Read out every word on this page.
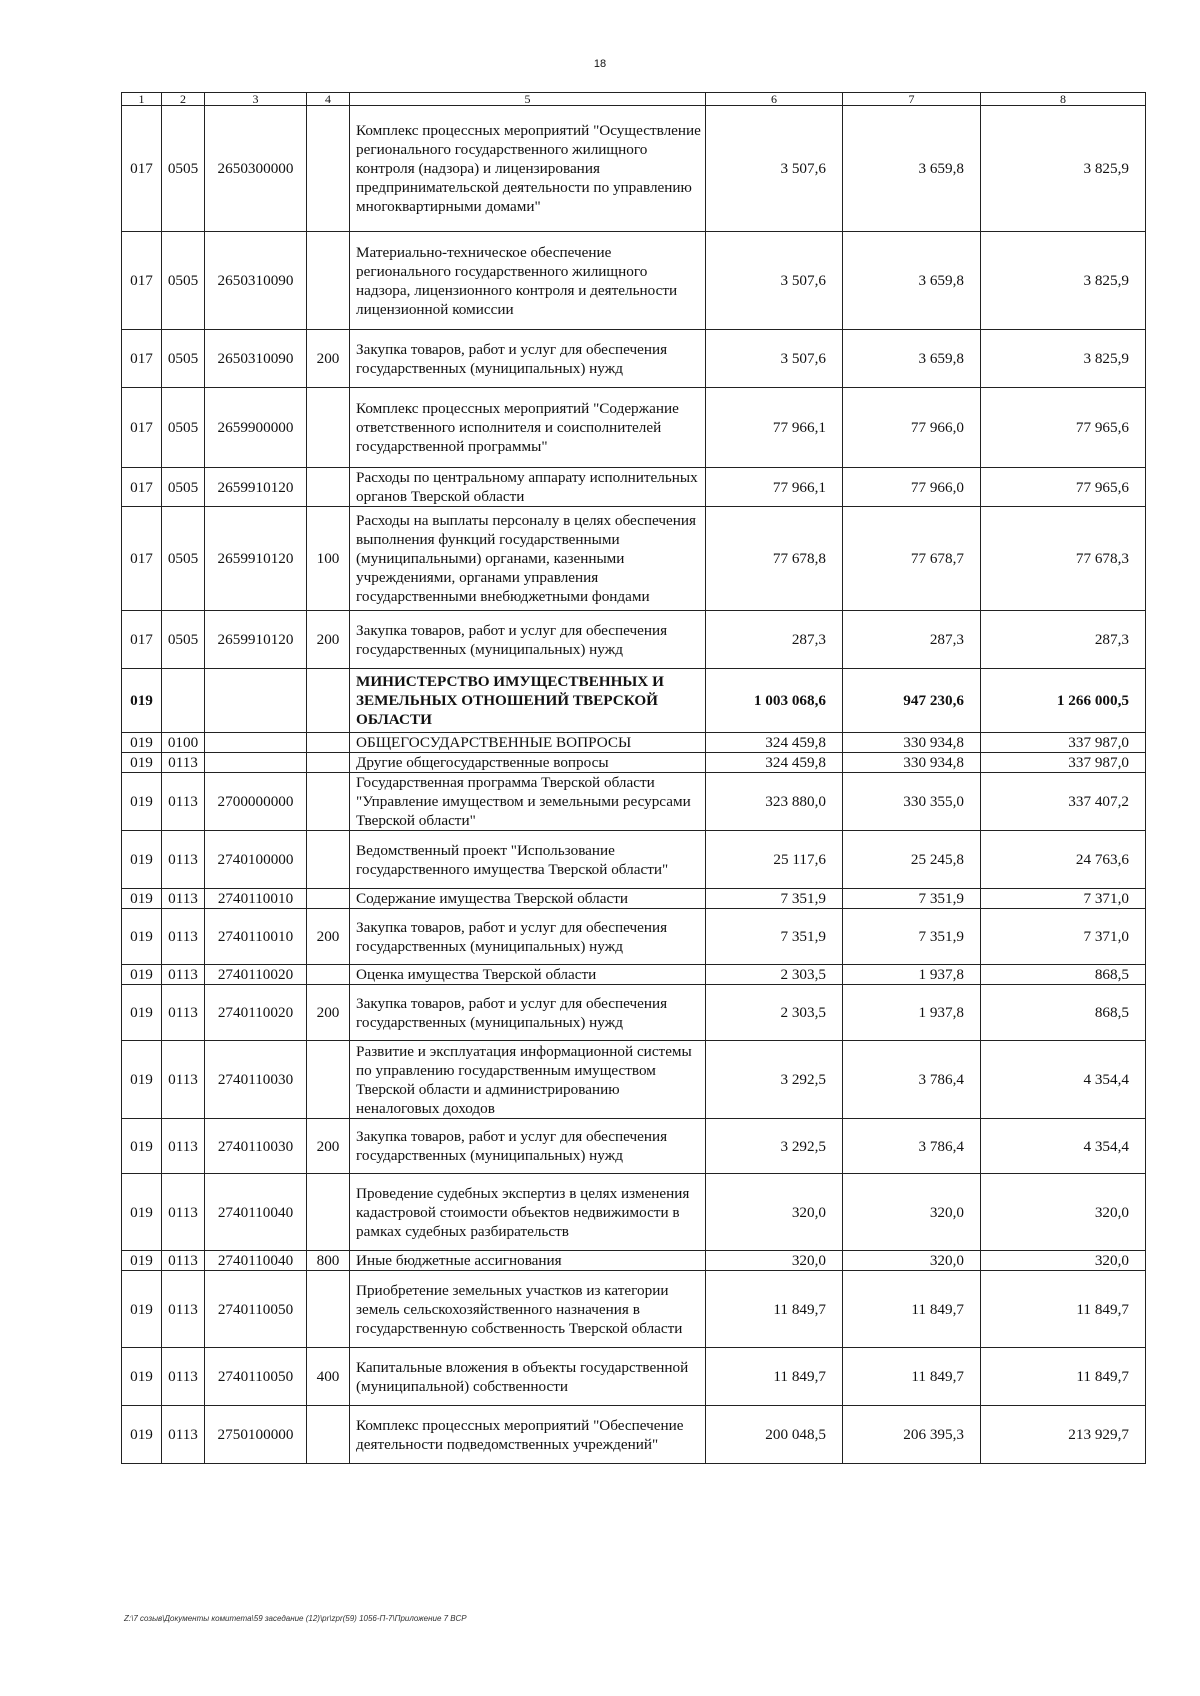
18
1	2	3	4	5	6	7	8
017	0505	2650300000		Комплекс процессных мероприятий "Осуществление регионального государственного жилищного контроля (надзора) и лицензирования предпринимательской деятельности по управлению многоквартирными домами"	3 507,6	3 659,8	3 825,9
017	0505	2650310090		Материально-техническое обеспечение регионального государственного жилищного надзора, лицензионного контроля и деятельности лицензионной комиссии	3 507,6	3 659,8	3 825,9
017	0505	2650310090	200	Закупка товаров, работ и услуг для обеспечения государственных (муниципальных) нужд	3 507,6	3 659,8	3 825,9
017	0505	2659900000		Комплекс процессных мероприятий "Содержание ответственного исполнителя и соисполнителей государственной программы"	77 966,1	77 966,0	77 965,6
017	0505	2659910120		Расходы по центральному аппарату исполнительных органов Тверской области	77 966,1	77 966,0	77 965,6
017	0505	2659910120	100	Расходы на выплаты персоналу в целях обеспечения выполнения функций государственными (муниципальными) органами, казенными учреждениями, органами управления государственными внебюджетными фондами	77 678,8	77 678,7	77 678,3
017	0505	2659910120	200	Закупка товаров, работ и услуг для обеспечения государственных (муниципальных) нужд	287,3	287,3	287,3
019				МИНИСТЕРСТВО ИМУЩЕСТВЕННЫХ И ЗЕМЕЛЬНЫХ ОТНОШЕНИЙ ТВЕРСКОЙ ОБЛАСТИ	1 003 068,6	947 230,6	1 266 000,5
019	0100			ОБЩЕГОСУДАРСТВЕННЫЕ ВОПРОСЫ	324 459,8	330 934,8	337 987,0
019	0113			Другие общегосударственные вопросы	324 459,8	330 934,8	337 987,0
019	0113	2700000000		Государственная программа Тверской области "Управление имуществом и земельными ресурсами Тверской области"	323 880,0	330 355,0	337 407,2
019	0113	2740100000		Ведомственный проект "Использование государственного имущества Тверской области"	25 117,6	25 245,8	24 763,6
019	0113	2740110010		Содержание имущества Тверской области	7 351,9	7 351,9	7 371,0
019	0113	2740110010	200	Закупка товаров, работ и услуг для обеспечения государственных (муниципальных) нужд	7 351,9	7 351,9	7 371,0
019	0113	2740110020		Оценка имущества Тверской области	2 303,5	1 937,8	868,5
019	0113	2740110020	200	Закупка товаров, работ и услуг для обеспечения государственных (муниципальных) нужд	2 303,5	1 937,8	868,5
019	0113	2740110030		Развитие и эксплуатация информационной системы по управлению государственным имуществом Тверской области и администрированию неналоговых доходов	3 292,5	3 786,4	4 354,4
019	0113	2740110030	200	Закупка товаров, работ и услуг для обеспечения государственных (муниципальных) нужд	3 292,5	3 786,4	4 354,4
019	0113	2740110040		Проведение судебных экспертиз в целях изменения кадастровой стоимости объектов недвижимости в рамках судебных разбирательств	320,0	320,0	320,0
019	0113	2740110040	800	Иные бюджетные ассигнования	320,0	320,0	320,0
019	0113	2740110050		Приобретение земельных участков из категории земель сельскохозяйственного назначения в государственную собственность Тверской области	11 849,7	11 849,7	11 849,7
019	0113	2740110050	400	Капитальные вложения в объекты государственной (муниципальной) собственности	11 849,7	11 849,7	11 849,7
019	0113	2750100000		Комплекс процессных мероприятий "Обеспечение деятельности подведомственных учреждений"	200 048,5	206 395,3	213 929,7
Z:\7 созыв\Документы комитета\59 заседание (12)\pr\zpr(59) 1056-П-7\Приложение 7 ВСР
